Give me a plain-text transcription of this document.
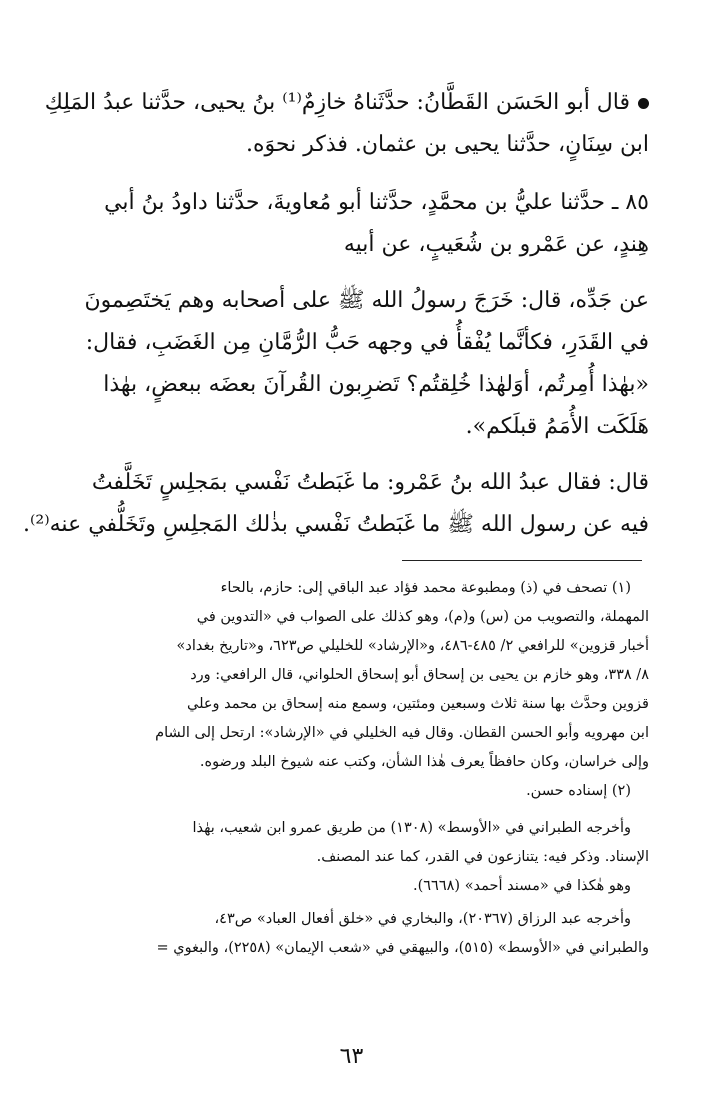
قال أبو الحَسَن القَطَّانُ: حدَّثَناهُ خازِمٌ⁽¹⁾ بنُ يحيى، حدَّثنا عبدُ المَلِكِ
ابن سِنَانٍ، حدَّثنا يحيى بن عثمان. فذكر نحوَه.
٨٥ ـ حدَّثنا عليُّ بن محمَّدٍ، حدَّثنا أبو مُعاويةَ، حدَّثنا داودُ بنُ أبي
هِندٍ، عن عَمْرو بن شُعَيبٍ، عن أبيه
عن جَدِّه، قال: خَرَجَ رسولُ الله ﷺ على أصحابه وهم يَختَصِمونَ
في القَدَرِ، فكأنَّما يُفْقأُ في وجهه حَبُّ الرُّمَّانِ مِن الغَضَبِ، فقال:
«بهٰذا أُمِرتُم، أوَلهٰذا خُلِقتُم؟ تَضرِبون القُرآنَ بعضَه ببعضٍ، بهٰذا
هَلَكَت الأُمَمُ قبلَكم».
قال: فقال عبدُ الله بنُ عَمْرو: ما غَبَطتُ نَفْسي بمَجلِسٍ تَخَلَّفتُ
فيه عن رسول الله ﷺ ما غَبَطتُ نَفْسي بذٰلك المَجلِسِ وتَخَلُّفي عنه⁽²⁾.
(١) تصحف في (ذ) ومطبوعة محمد فؤاد عبد الباقي إلى: حازم، بالحاء
المهملة، والتصويب من (س) و(م)، وهو كذلك على الصواب في «التدوين في
أخبار قزوين» للرافعي ٢/ ٤٨٥-٤٨٦، و«الإرشاد» للخليلي ص٦٢٣، و«تاريخ بغداد»
٨/ ٣٣٨، وهو خازم بن يحيى بن إسحاق أبو إسحاق الحلواني، قال الرافعي: ورد
قزوين وحدَّث بها سنة ثلاث وسبعين ومئتين، وسمع منه إسحاق بن محمد وعلي
ابن مهرويه وأبو الحسن القطان. وقال فيه الخليلي في «الإرشاد»: ارتحل إلى الشام
وإلى خراسان، وكان حافظاً يعرف هٰذا الشأن، وكتب عنه شيوخ البلد ورضوه.
(٢) إسناده حسن.
وأخرجه الطبراني في «الأوسط» (١٣٠٨) من طريق عمرو ابن شعيب، بهٰذا
الإسناد. وذكر فيه: يتنازعون في القدر، كما عند المصنف.
وهو هٰكذا في «مسند أحمد» (٦٦٦٨).
وأخرجه عبد الرزاق (٢٠٣٦٧)، والبخاري في «خلق أفعال العباد» ص٤٣،
والطبراني في «الأوسط» (٥١٥)، والبيهقي في «شعب الإيمان» (٢٢٥٨)، والبغوي =
٦٣
